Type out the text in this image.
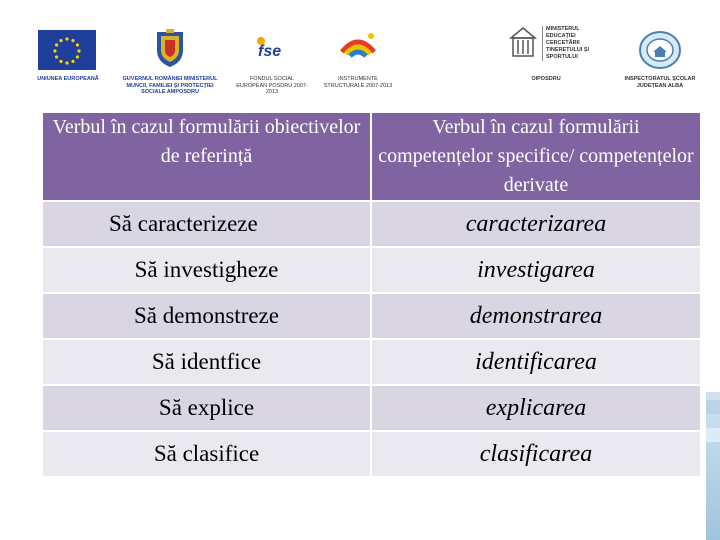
UNIUNEA EUROPEANĂ	GUVERNUL ROMÂNIEI MINISTERUL MUNCII, FAMILIEI ȘI PROTECȚIEI SOCIALE AMPOSDRU
fse
FONDUL SOCIAL EUROPEAN POSDRU 2007-2013
INSTRUMENTE STRUCTURALE 2007-2013
MINISTERUL EDUCAȚIEI CERCETĂRII TINERETULUI ȘI SPORTULUI
OIPOSDRU	INSPECTORATUL ȘCOLAR JUDEȚEAN ALBA
Verbul în cazul formulării obiectivelor de referință	Verbul în cazul formulării competențelor specifice/ competențelor derivate
Să caracterizeze	caracterizarea
Să investigheze	investigarea
Să demonstreze	demonstrarea
Să identfice	identificarea
Să explice	explicarea
Să clasifice	clasificarea
